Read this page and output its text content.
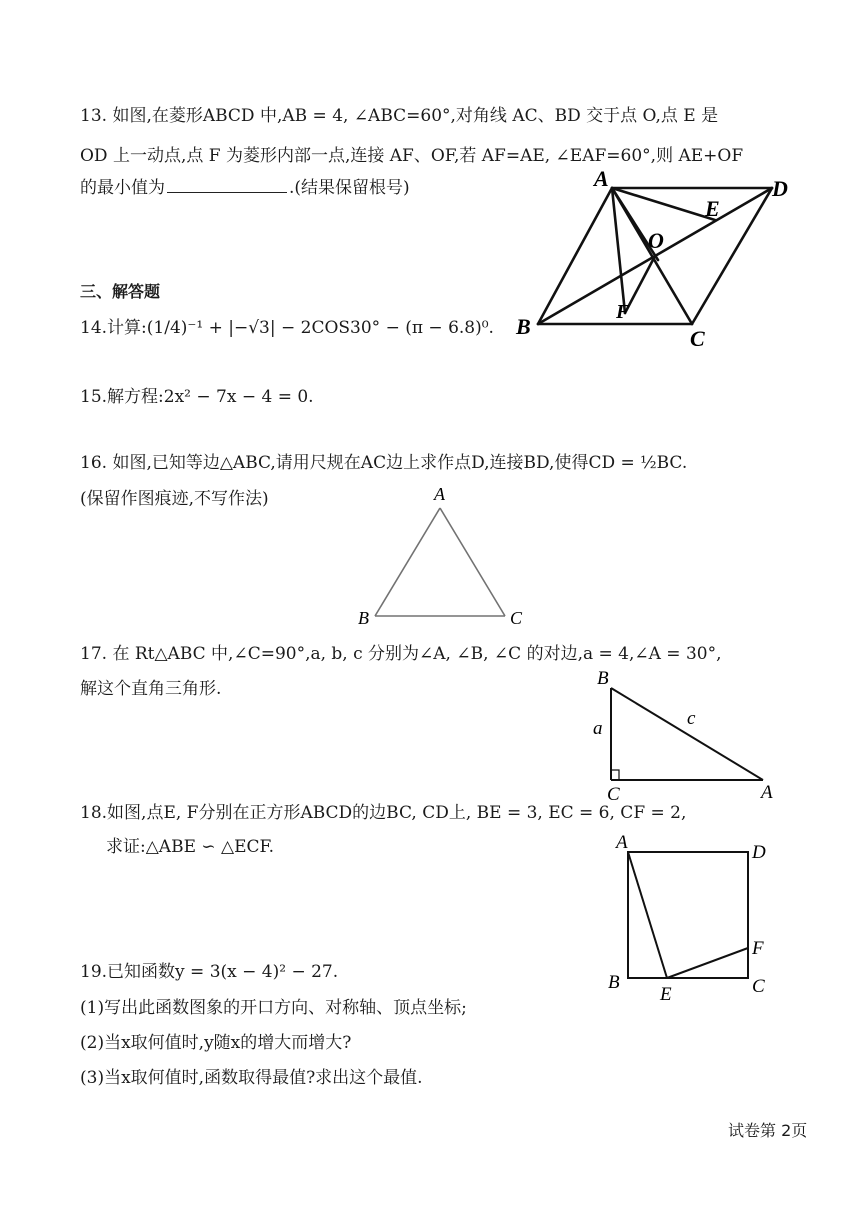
13. 如图,在菱形ABCD 中,AB = 4, ∠ABC=60°,对角线 AC、BD 交于点 O,点 E 是
OD 上一动点,点 F 为菱形内部一点,连接 AF、OF,若 AF=AE, ∠EAF=60°,则 AE+OF
的最小值为	.(结果保留根号)	A	D
E
O
F
B	C
三、解答题
14.计算:(1/4)⁻¹ + |−√3| − 2COS30° − (π − 6.8)⁰.
15.解方程:2x² − 7x − 4 = 0.
16. 如图,已知等边△ABC,请用尺规在AC边上求作点D,连接BD,使得CD = ½BC.
(保留作图痕迹,不写作法)	A
B	C
17. 在 Rt△ABC 中,∠C=90°,a, b, c 分别为∠A, ∠B, ∠C 的对边,a = 4,∠A = 30°,
解这个直角三角形.	B
C	A
a	c
18.如图,点E, F分别在正方形ABCD的边BC, CD上, BE = 3, EC = 6, CF = 2,
求证:△ABE ∽ △ECF.	A	D
F
B
E	C
19.已知函数y = 3(x − 4)² − 27.
(1)写出此函数图象的开口方向、对称轴、顶点坐标;
(2)当x取何值时,y随x的增大而增大?
(3)当x取何值时,函数取得最值?求出这个最值.
试卷第 2页
